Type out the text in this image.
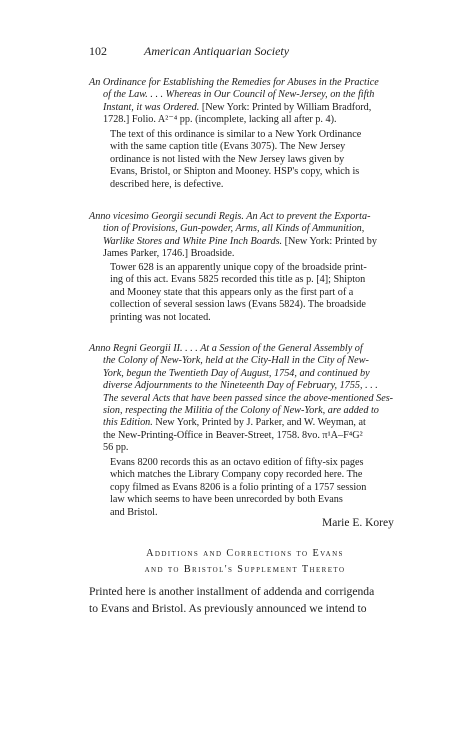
102	American Antiquarian Society
An Ordinance for Establishing the Remedies for Abuses in the Practice
of the Law. . . . Whereas in Our Council of New-Jersey, on the fifth
Instant, it was Ordered. [New York: Printed by William Bradford,
1728.] Folio. A²⁻⁴ pp. (incomplete, lacking all after p. 4).
The text of this ordinance is similar to a New York Ordinance
with the same caption title (Evans 3075). The New Jersey
ordinance is not listed with the New Jersey laws given by
Evans, Bristol, or Shipton and Mooney. HSP's copy, which is
described here, is defective.
Anno vicesimo Georgii secundi Regis. An Act to prevent the Exporta-
tion of Provisions, Gun-powder, Arms, all Kinds of Ammunition,
Warlike Stores and White Pine Inch Boards. [New York: Printed by
James Parker, 1746.] Broadside.
Tower 628 is an apparently unique copy of the broadside print-
ing of this act. Evans 5825 recorded this title as p. [4]; Shipton
and Mooney state that this appears only as the first part of a
collection of several session laws (Evans 5824). The broadside
printing was not located.
Anno Regni Georgii II. . . . At a Session of the General Assembly of
the Colony of New-York, held at the City-Hall in the City of New-
York, begun the Twentieth Day of August, 1754, and continued by
diverse Adjournments to the Nineteenth Day of February, 1755, . . .
The several Acts that have been passed since the above-mentioned Ses-
sion, respecting the Militia of the Colony of New-York, are added to
this Edition. New York, Printed by J. Parker, and W. Weyman, at
the New-Printing-Office in Beaver-Street, 1758. 8vo. π¹A–F⁴G²
56 pp.
Evans 8200 records this as an octavo edition of fifty-six pages
which matches the Library Company copy recorded here. The
copy filmed as Evans 8206 is a folio printing of a 1757 session
law which seems to have been unrecorded by both Evans
and Bristol.
Marie E. Korey
Additions and Corrections to Evans
and to Bristol's Supplement Thereto
Printed here is another installment of addenda and corrigenda
to Evans and Bristol. As previously announced we intend to
